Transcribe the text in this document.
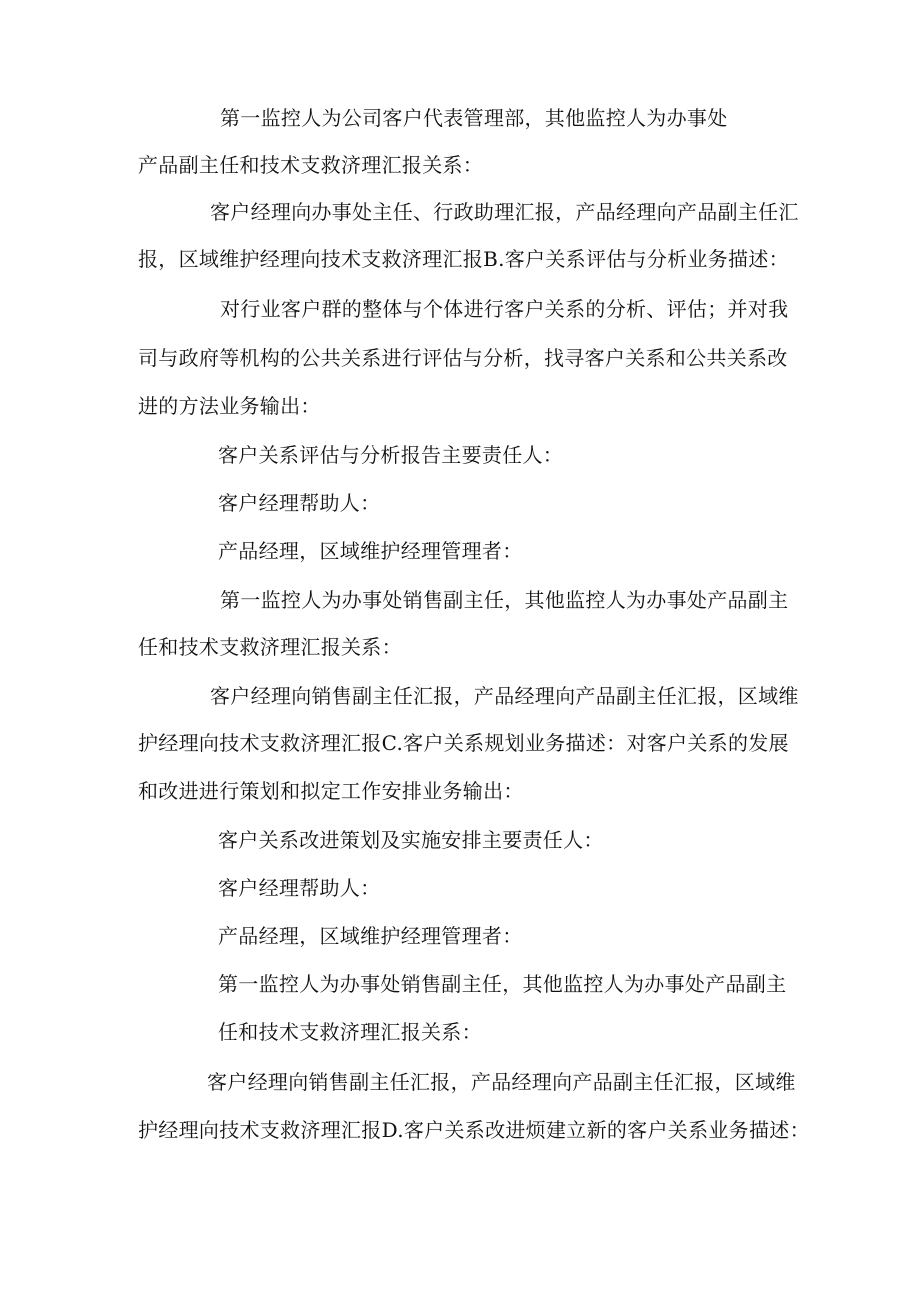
第一监控人为公司客户代表管理部，其他监控人为办事处
产品副主任和技术支救济理汇报关系：
客户经理向办事处主任、行政助理汇报，产品经理向产品副主任汇
报，区域维护经理向技术支救济理汇报B.客户关系评估与分析业务描述：
对行业客户群的整体与个体进行客户关系的分析、评估；并对我
司与政府等机构的公共关系进行评估与分析，找寻客户关系和公共关系改
进的方法业务输出：
客户关系评估与分析报告主要责任人：
客户经理帮助人：
产品经理，区域维护经理管理者：
第一监控人为办事处销售副主任，其他监控人为办事处产品副主
任和技术支救济理汇报关系：
客户经理向销售副主任汇报，产品经理向产品副主任汇报，区域维
护经理向技术支救济理汇报C.客户关系规划业务描述：对客户关系的发展
和改进进行策划和拟定工作安排业务输出：
客户关系改进策划及实施安排主要责任人：
客户经理帮助人：
产品经理，区域维护经理管理者：
第一监控人为办事处销售副主任，其他监控人为办事处产品副主
任和技术支救济理汇报关系：
客户经理向销售副主任汇报，产品经理向产品副主任汇报，区域维
护经理向技术支救济理汇报D.客户关系改进烦建立新的客户关系业务描述：
